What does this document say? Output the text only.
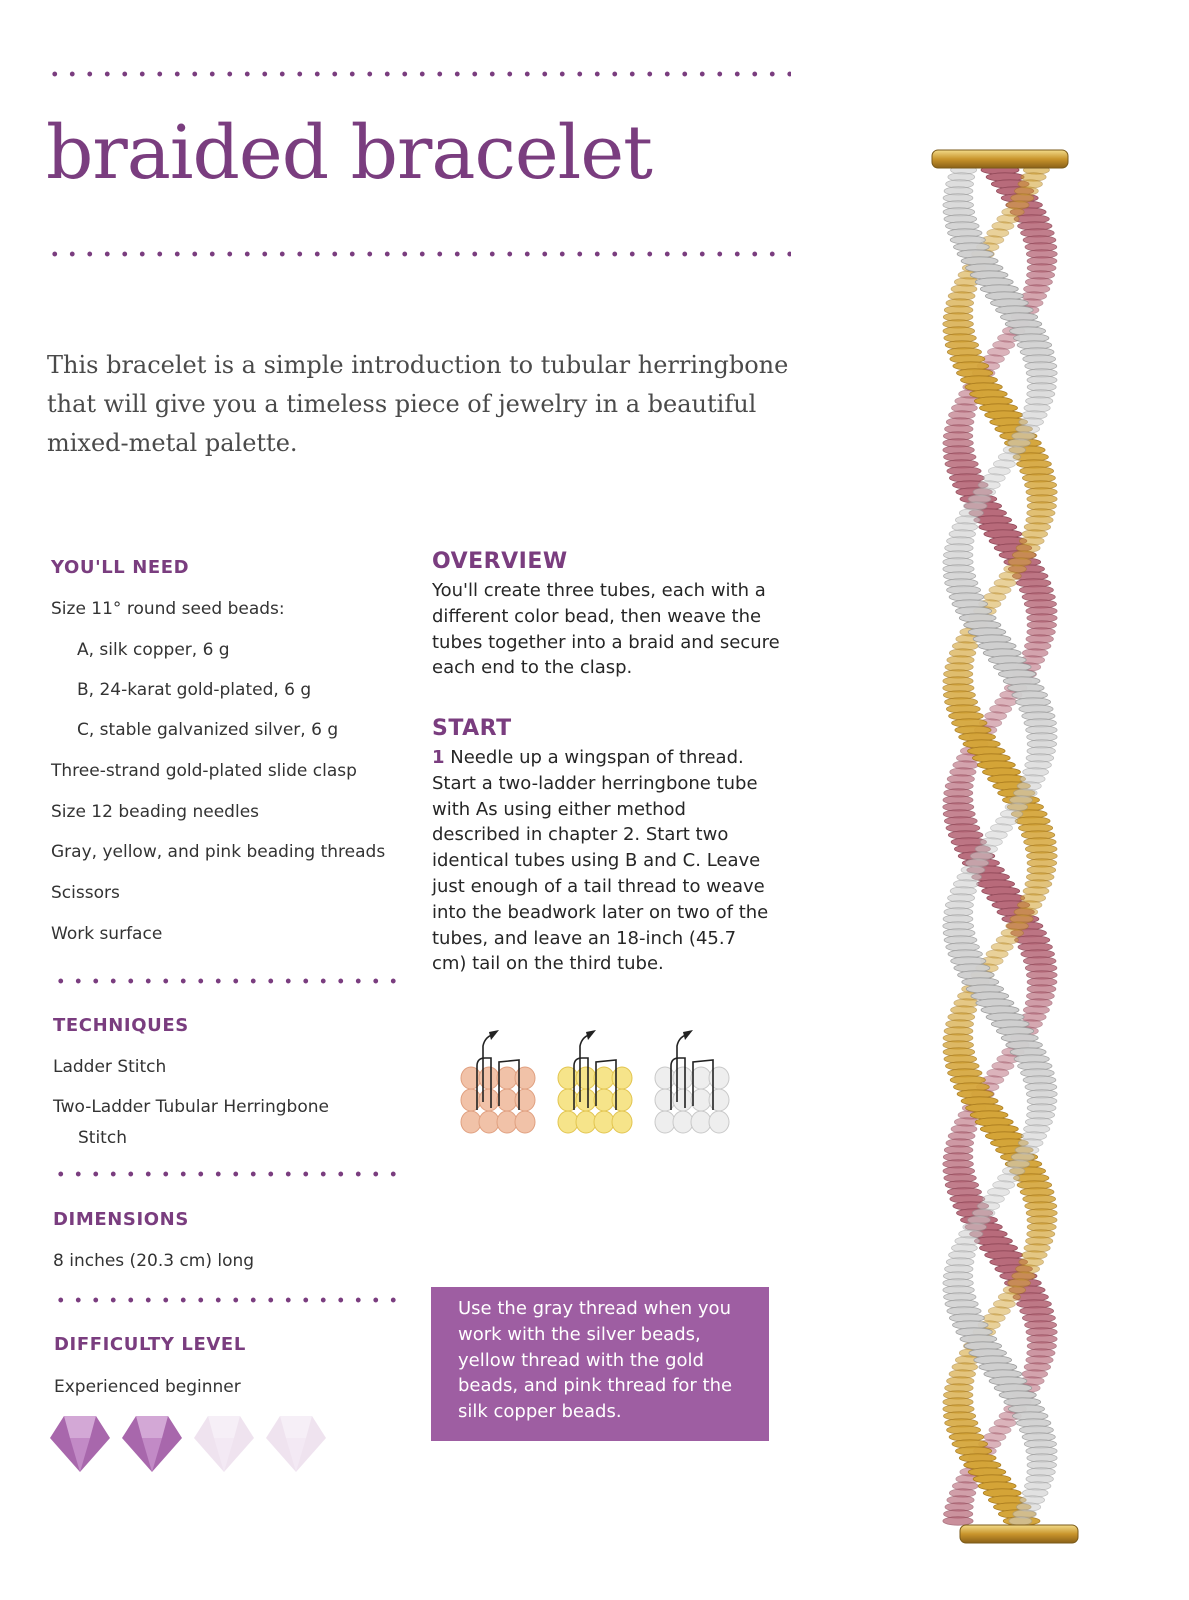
braided bracelet
This bracelet is a simple introduction to tubular herringbone that will give you a timeless piece of jewelry in a beautiful mixed-metal palette.
YOU'LL NEED
Size 11° round seed beads:
A, silk copper, 6 g
B, 24-karat gold-plated, 6 g
C, stable galvanized silver, 6 g
Three-strand gold-plated slide clasp
Size 12 beading needles
Gray, yellow, and pink beading threads
Scissors
Work surface
TECHNIQUES
Ladder Stitch
Two-Ladder Tubular Herringbone
Stitch
DIMENSIONS
8 inches (20.3 cm) long
DIFFICULTY LEVEL
Experienced beginner
OVERVIEW
You'll create three tubes, each with a different color bead, then weave the tubes together into a braid and secure each end to the clasp.
START
1 Needle up a wingspan of thread. Start a two-ladder herringbone tube with As using either method described in chapter 2. Start two identical tubes using B and C. Leave just enough of a tail thread to weave into the beadwork later on two of the tubes, and leave an 18-inch (45.7 cm) tail on the third tube.
Use the gray thread when you work with the silver beads, yellow thread with the gold beads, and pink thread for the silk copper beads.
